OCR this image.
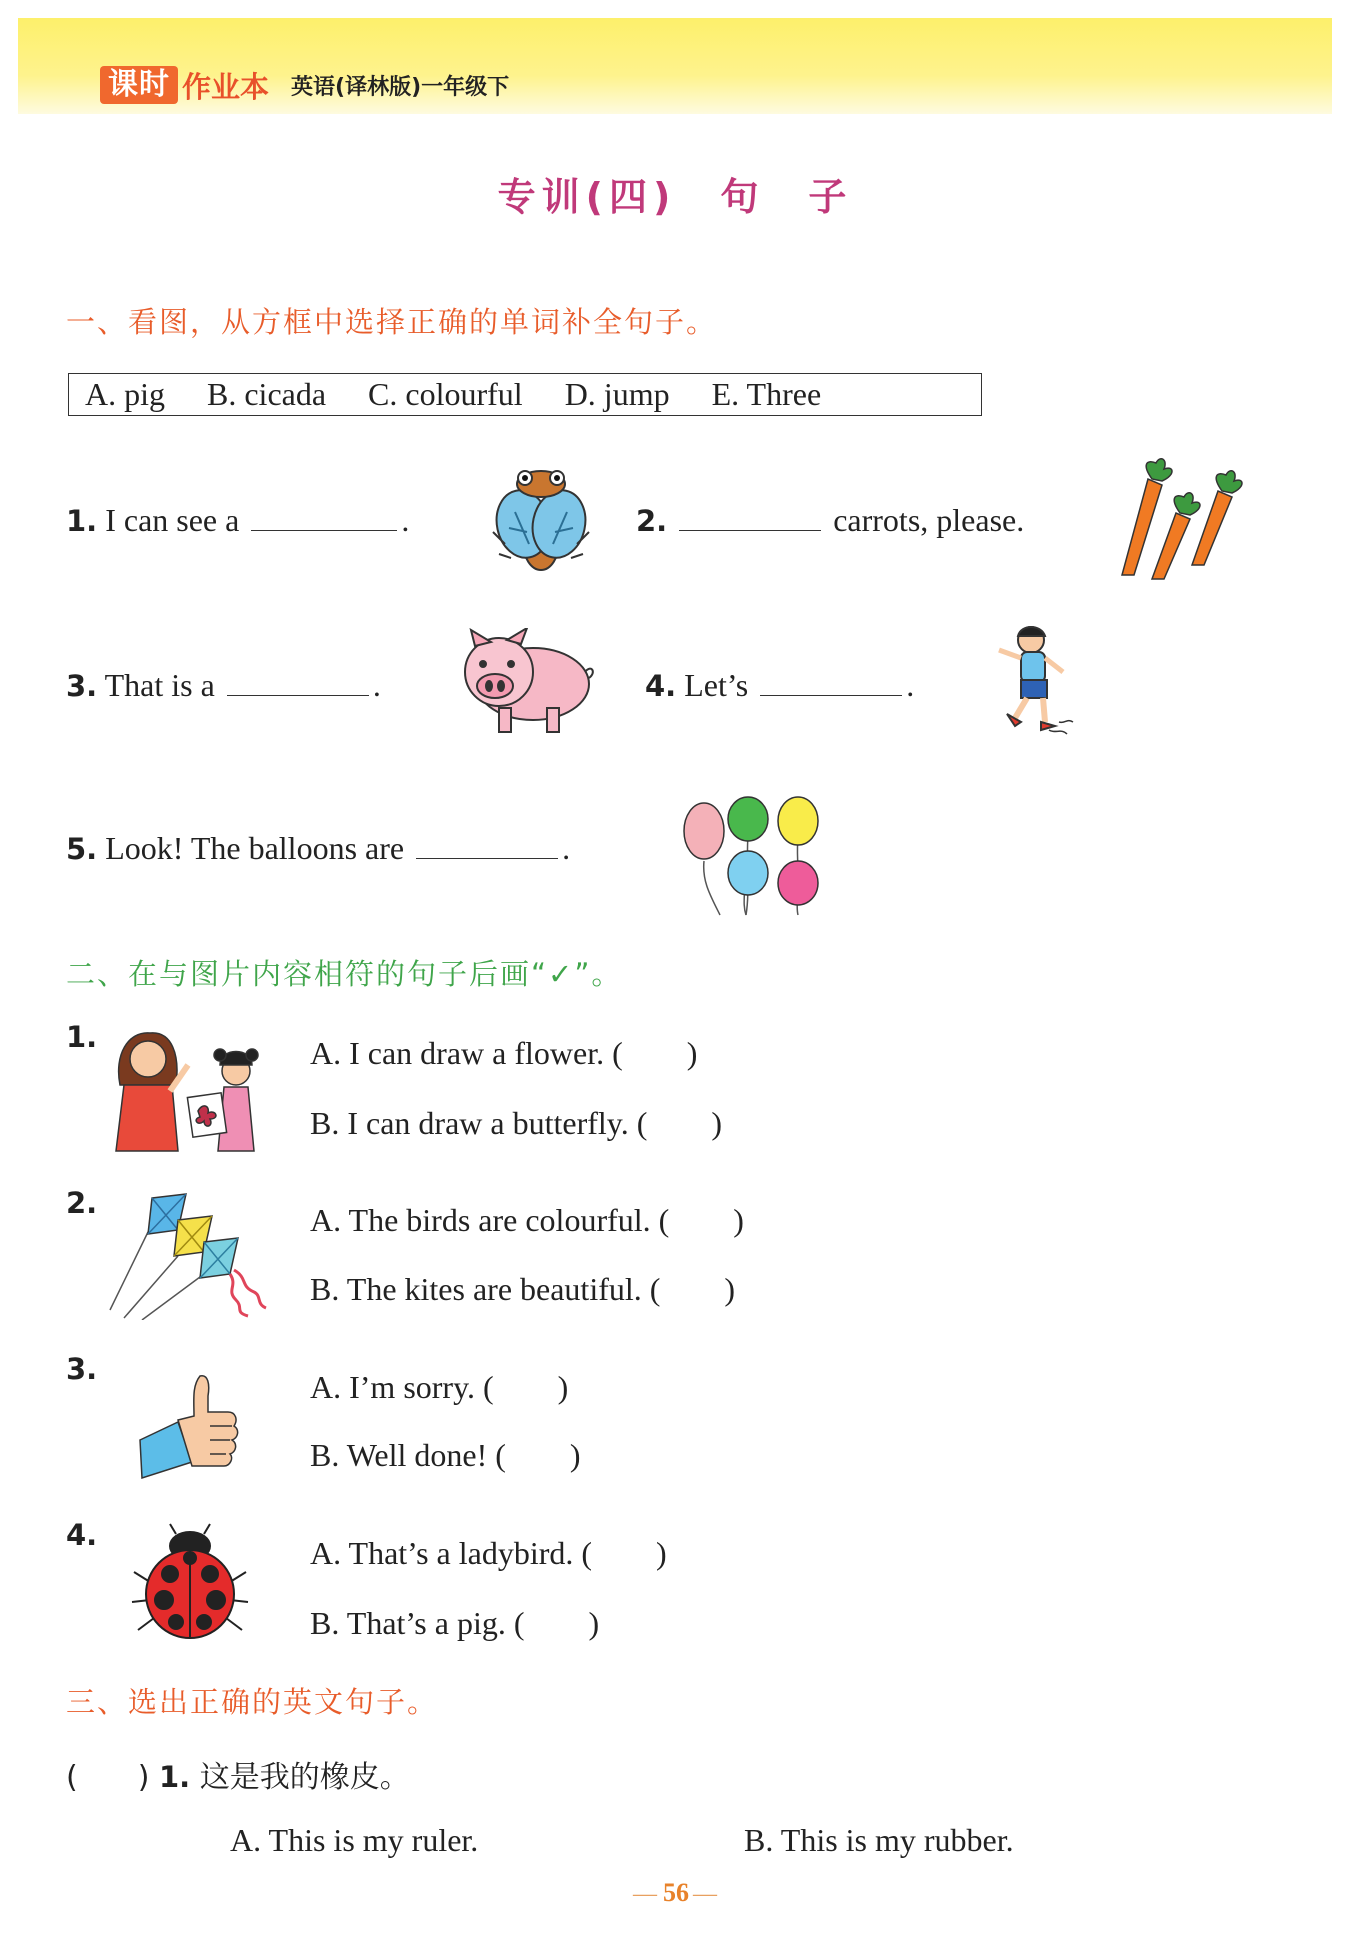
课时 作业本 英语(译林版)一年级下
专训(四)　句　子
一、看图，从方框中选择正确的单词补全句子。
A. pig B. cicada C. colourful D. jump E. Three
1. I can see a	.	2.	carrots, please.
3. That is a	.	4. Let’s	.
5. Look! The balloons are	.
二、在与图片内容相符的句子后画“✓”。
1.	A. I can draw a flower. (　　)
B. I can draw a butterfly. (　　)
2.	A. The birds are colourful. (　　)
B. The kites are beautiful. (　　)
3.	A. I’m sorry. (　　)
B. Well done! (　　)
4.	A. That’s a ladybird. (　　)
B. That’s a pig. (　　)
三、选出正确的英文句子。
(　　) 1. 这是我的橡皮。
A. This is my ruler.	B. This is my rubber.
— 56 —
